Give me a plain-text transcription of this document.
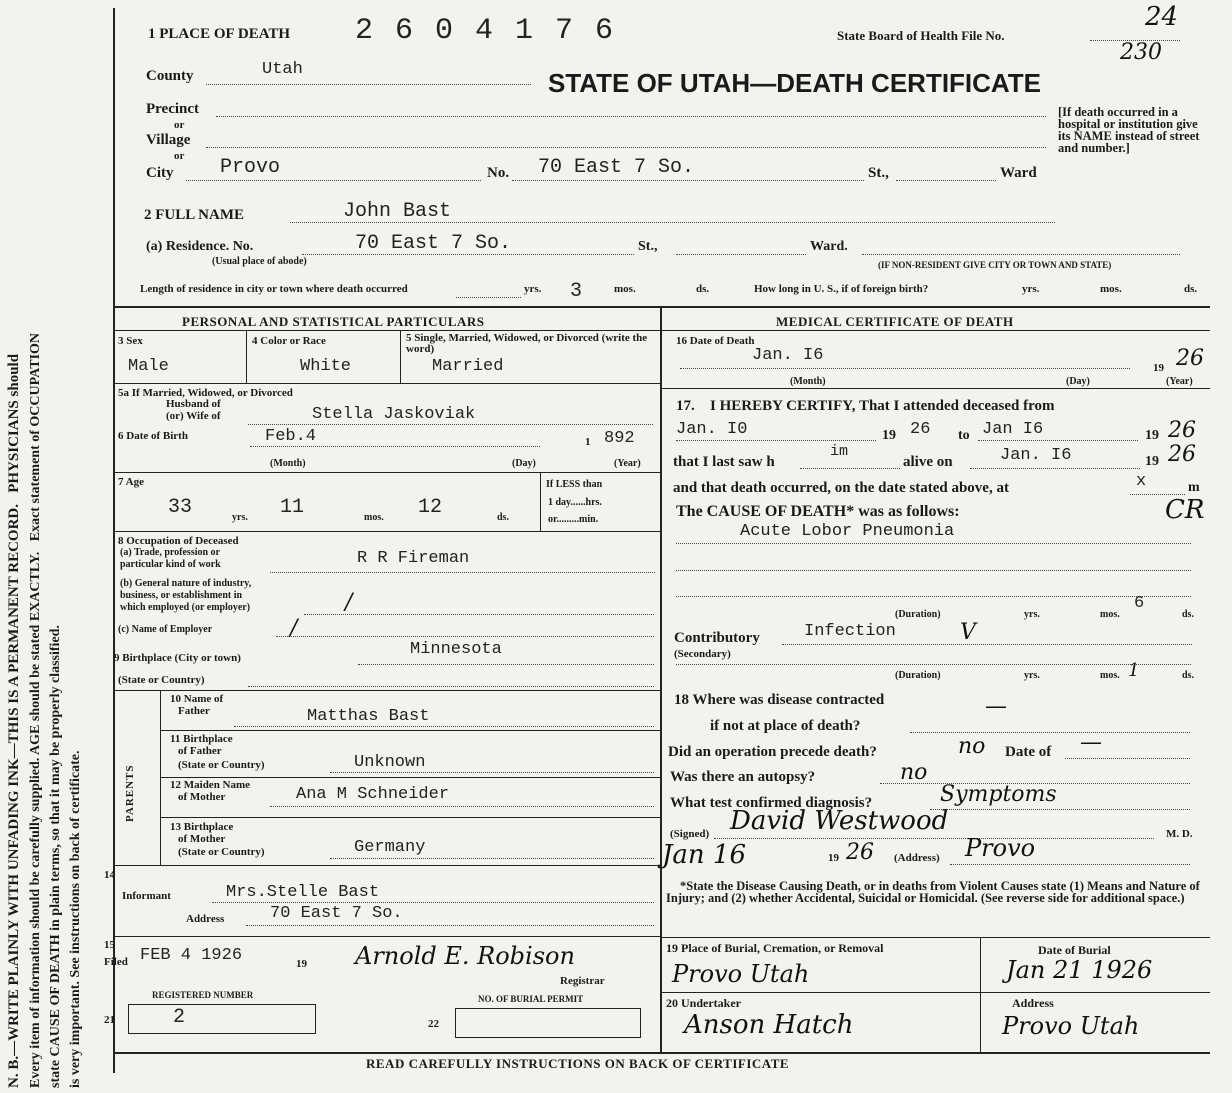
N. B.—WRITE PLAINLY WITH UNFADING INK—THIS IS A PERMANENT RECORD.   PHYSICIANS should
Every item of information should be carefully supplied. AGE should be stated EXACTLY.   Exact statement of OCCUPATION
state CAUSE OF DEATH in plain terms, so that it may be properly classified. is very important. See instructions on back of certificate.
1 PLACE OF DEATH 2 6 0 4 1 7 6	State Board of Health File No.
24
230
STATE OF UTAH—DEATH CERTIFICATE
County	Utah
Precinct
or
Village
or
City Provo	No. 70 East 7 So.	St.,	Ward
[If death occurred in a hospital or institution give its NAME instead of street and number.]
2 FULL NAME	John Bast
(a) Residence. No.	70 East 7 So.	St.,	Ward.
(Usual place of abode)	(IF NON-RESIDENT GIVE CITY OR TOWN AND STATE)
Length of residence in city or town where death occurred	yrs. 3	mos.	ds.	How long in U. S., if of foreign birth?	yrs.	mos.	ds.
PERSONAL AND STATISTICAL PARTICULARS
3 Sex
Male
4 Color or Race
White
5 Single, Married, Widowed, or Divorced (write the word)
Married
5a If Married, Widowed, or Divorced
Husband of
(or) Wife of	Stella Jaskoviak
6 Date of Birth	Feb.4	1 892
(Month)	(Day)	(Year)
7 Age
33	yrs. 11	mos. 12	ds.
If LESS than
1 day......hrs.
or.........min.
8 Occupation of Deceased
(a) Trade, profession or
particular kind of work	R R Fireman
(b) General nature of industry,
business, or establishment in
which employed (or employer)	/
(c) Name of Employer	/
9 Birthplace (City or town)	Minnesota
(State or Country)
PARENTS
10 Name of
Father	Matthas Bast
11 Birthplace
of Father
(State or Country)	Unknown
12 Maiden Name
of Mother	Ana M Schneider
13 Birthplace
of Mother
(State or Country)	Germany
14
Informant	Mrs.Stelle Bast
Address	70 East 7 So.
15
Filed FEB 4 1926	19 Arnold E. Robison
Registrar
REGISTERED NUMBER	NO. OF BURIAL PERMIT
21	2	22
MEDICAL CERTIFICATE OF DEATH
16 Date of Death
Jan. I6
19 26
(Month)	(Day)	(Year)
17. I HEREBY CERTIFY, That I attended deceased from
Jan. I0	19 26 to Jan I6	19 26
that I last saw h
im
alive on	Jan. I6	19 26
and that death occurred, on the date stated above, at	x	m
The CAUSE OF DEATH* was as follows:	CR
Acute Lobor Pneumonia
(Duration)	yrs.
6
mos.	ds.
Contributory
(Secondary)
Infection	V
(Duration)	yrs.	1
mos.	ds.
18 Where was disease contracted
if not at place of death?
—
Did an operation precede death?	no Date of —
Was there an autopsy?	no
What test confirmed diagnosis?	Symptoms
(Signed) David Westwood	M. D.
Jan 16	19 26 (Address) Provo
*State the Disease Causing Death, or in deaths from Violent Causes state (1) Means and Nature of Injury; and (2) whether Accidental, Suicidal or Homicidal. (See reverse side for additional space.)
19 Place of Burial, Cremation, or Removal
Provo Utah
Date of Burial
Jan 21 1926
20 Undertaker
Anson Hatch
Address
Provo Utah
READ CAREFULLY INSTRUCTIONS ON BACK OF CERTIFICATE
